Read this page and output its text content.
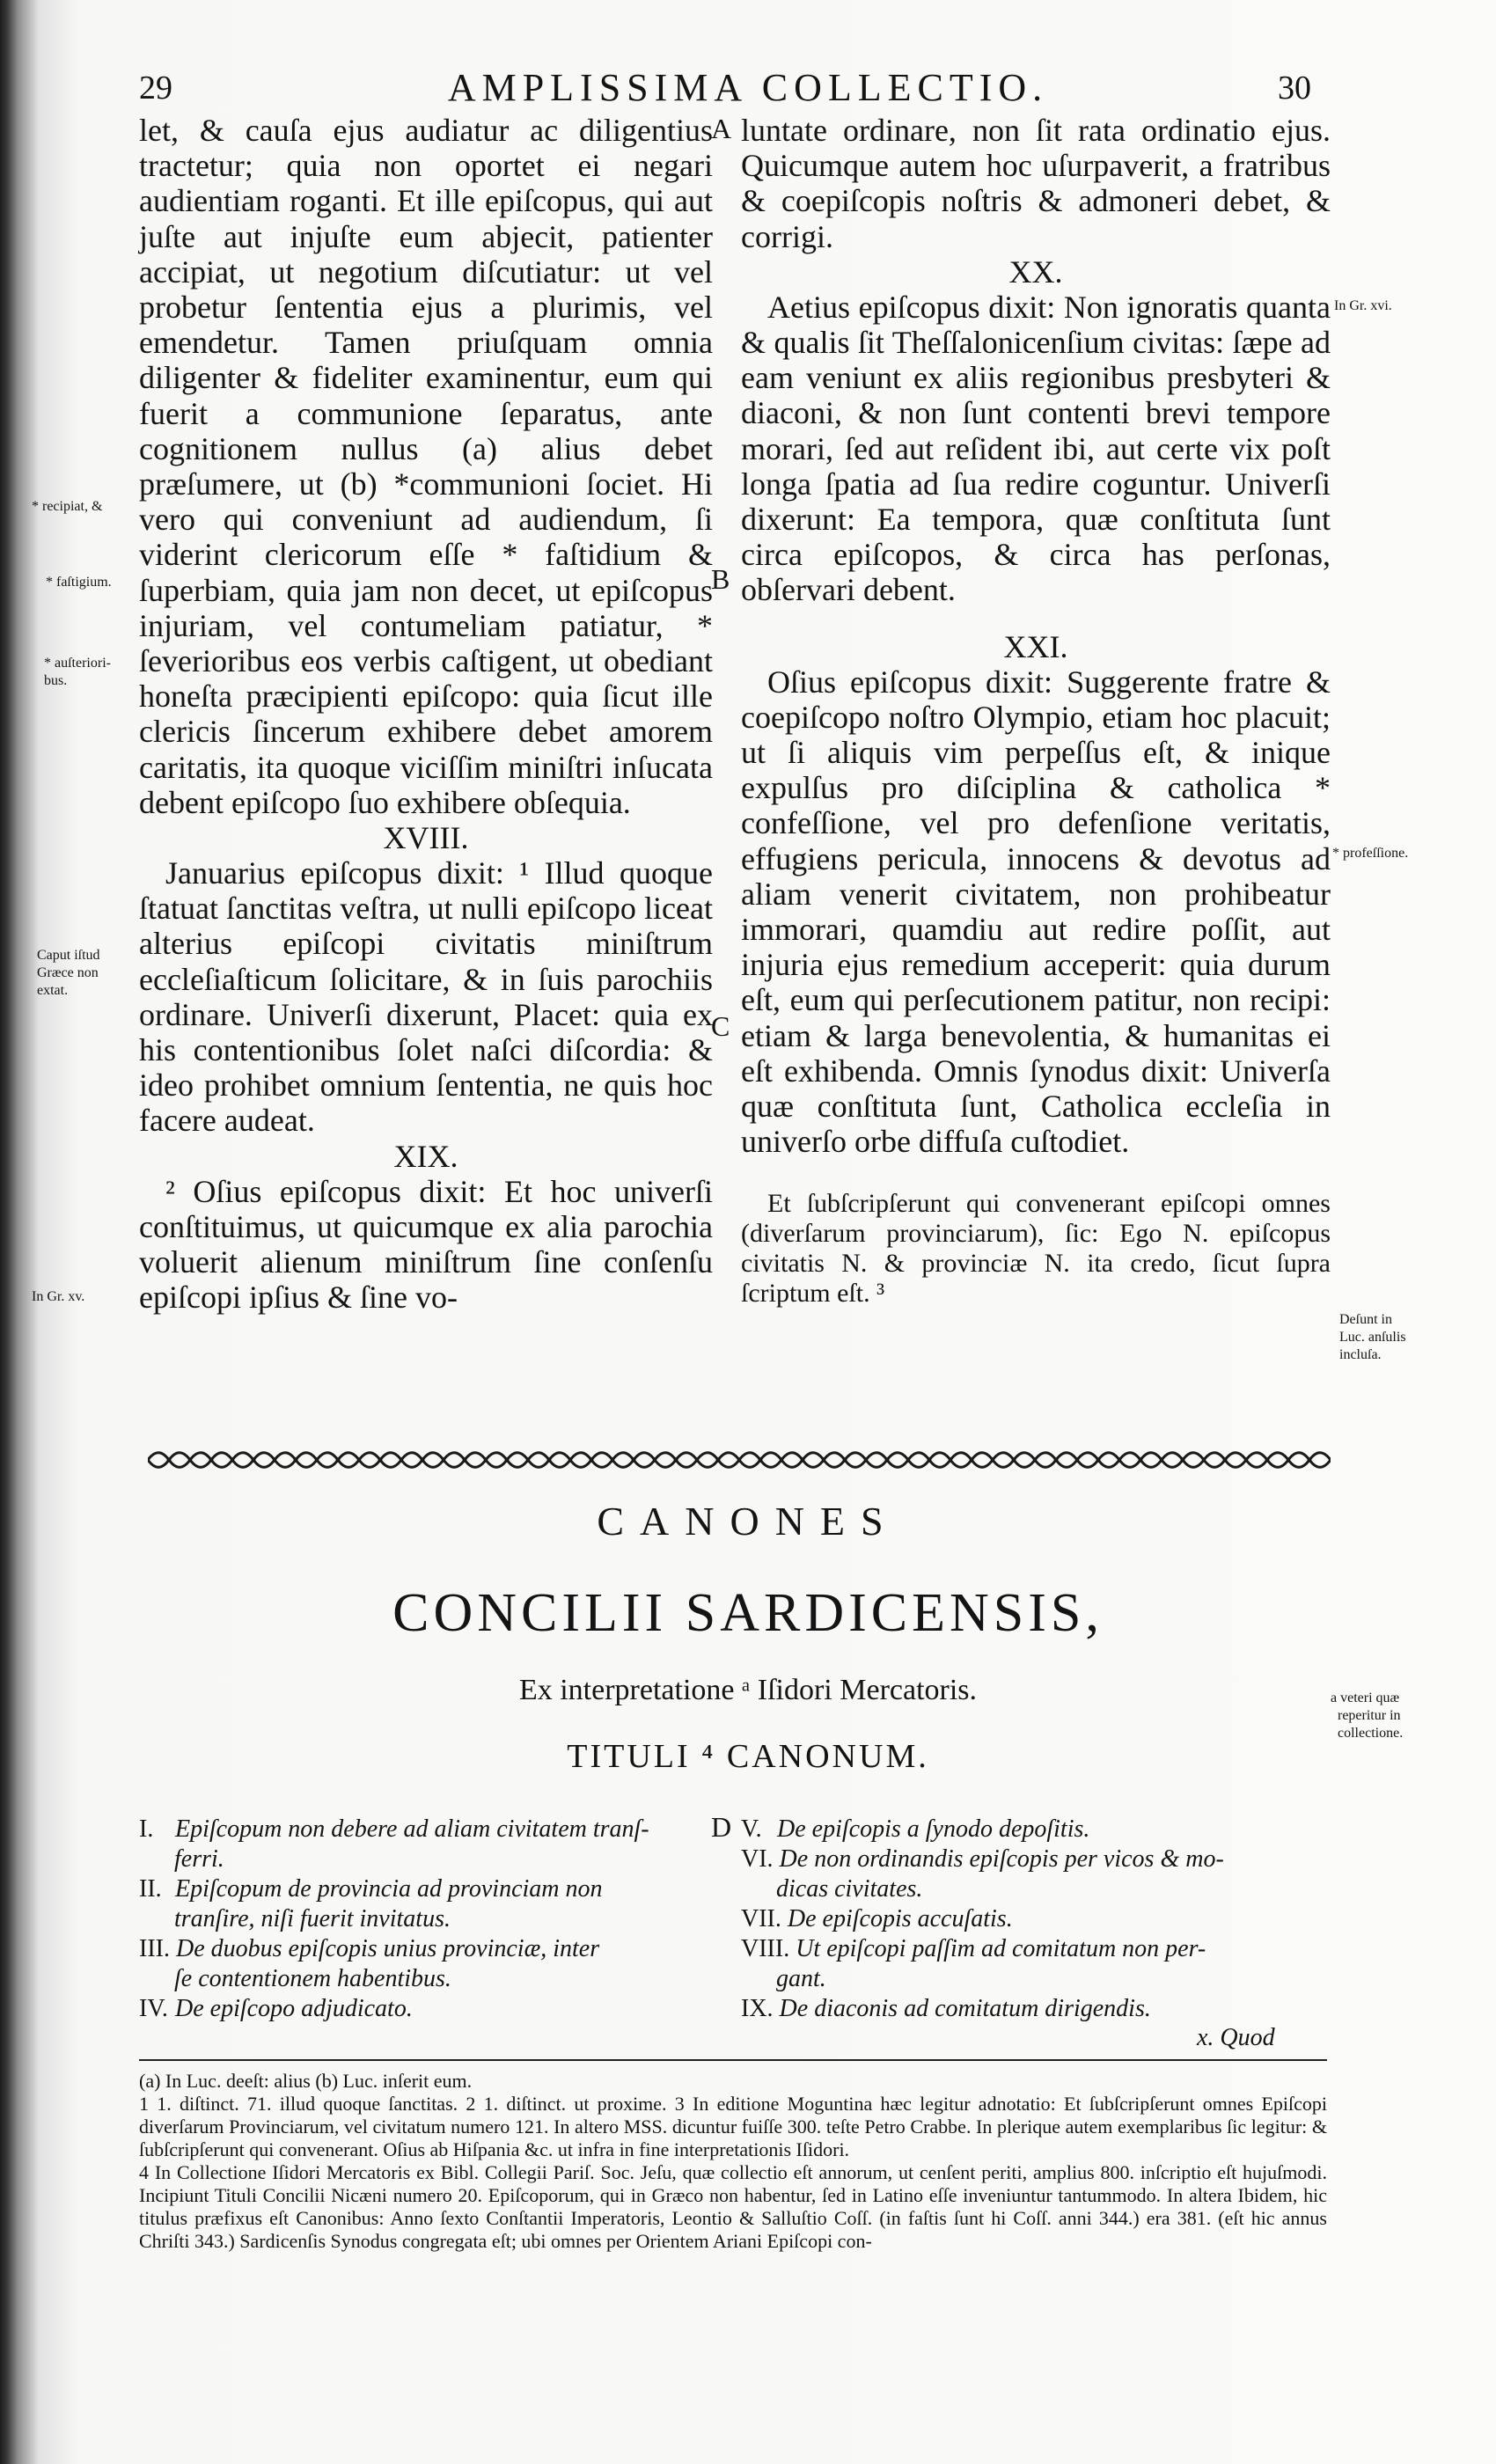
29	AMPLISSIMA COLLECTIO.	30

let, & cauſa ejus audiatur ac diligentius tractetur; quia non oportet ei negari audientiam roganti. Et ille epiſcopus, qui aut juſte aut injuſte eum abjecit, patienter accipiat, ut negotium diſcutiatur: ut vel probetur ſententia ejus a plurimis, vel emendetur. Tamen priuſquam omnia diligenter & fideliter examinentur, eum qui fuerit a communione ſeparatus, ante cognitionem nullus (a) alius debet præſumere, ut (b) *communioni ſociet. Hi vero qui conveniunt ad audiendum, ſi viderint clericorum eſſe * faſtidium & ſuperbiam, quia jam non decet, ut epiſcopus injuriam, vel contumeliam patiatur, * ſeverioribus eos verbis caſtigent, ut obediant honeſta præcipienti epiſcopo: quia ſicut ille clericis ſincerum exhibere debet amorem caritatis, ita quoque viciſſim miniſtri inſucata debent epiſcopo ſuo exhibere obſequia.

XVIII.

Januarius epiſcopus dixit: ¹ Illud quoque ſtatuat ſanctitas veſtra, ut nulli epiſcopo liceat alterius epiſcopi civitatis miniſtrum eccleſiaſticum ſolicitare, & in ſuis parochiis ordinare. Univerſi dixerunt, Placet: quia ex his contentionibus ſolet naſci diſcordia: & ideo prohibet omnium ſententia, ne quis hoc facere audeat.

XIX.

² Oſius epiſcopus dixit: Et hoc univerſi conſtituimus, ut quicumque ex alia parochia voluerit alienum miniſtrum ſine conſenſu epiſcopi ipſius & ſine vo-

luntate ordinare, non ſit rata ordinatio ejus. Quicumque autem hoc uſurpaverit, a fratribus & coepiſcopis noſtris & admoneri debet, & corrigi.

XX.

Aetius epiſcopus dixit: Non ignoratis quanta & qualis ſit Theſſalonicenſium civitas: ſæpe ad eam veniunt ex aliis regionibus presbyteri & diaconi, & non ſunt contenti brevi tempore morari, ſed aut reſident ibi, aut certe vix poſt longa ſpatia ad ſua redire coguntur. Univerſi dixerunt: Ea tempora, quæ conſtituta ſunt circa epiſcopos, & circa has perſonas, obſervari debent.

XXI.

Oſius epiſcopus dixit: Suggerente fratre & coepiſcopo noſtro Olympio, etiam hoc placuit; ut ſi aliquis vim perpeſſus eſt, & inique expulſus pro diſciplina & catholica * confeſſione, vel pro defenſione veritatis, effugiens pericula, innocens & devotus ad aliam venerit civitatem, non prohibeatur immorari, quamdiu aut redire poſſit, aut injuria ejus remedium acceperit: quia durum eſt, eum qui perſecutionem patitur, non recipi: etiam & larga benevolentia, & humanitas ei eſt exhibenda. Omnis ſynodus dixit: Univerſa quæ conſtituta ſunt, Catholica eccleſia in univerſo orbe diffuſa cuſtodiet.

Et ſubſcripſerunt qui convenerant epiſcopi omnes (diverſarum provinciarum), ſic: Ego N. epiſcopus civitatis N. & provinciæ N. ita credo, ſicut ſupra ſcriptum eſt. ³

A
B
C
D
* recipiat, &
* faſtigium.
* auſteriori-
bus.
Caput iſtud
Græce non
extat.
In Gr. xv.
In Gr. xvi.
* profeſſione.
Deſunt in
Luc. anſulis
incluſa.
a veteri quæ
reperitur in
collectione.
CANONES
CONCILII SARDICENSIS,
Ex interpretatione ᵃ Iſidori Mercatoris.
TITULI ⁴ CANONUM.
I. Epiſcopum non debere ad aliam civitatem tranſ-
ferri.
II. Epiſcopum de provincia ad provinciam non
tranſire, niſi fuerit invitatus.
III. De duobus epiſcopis unius provinciæ, inter
ſe contentionem habentibus.
IV. De epiſcopo adjudicato.
V. De epiſcopis a ſynodo depoſitis.
VI. De non ordinandis epiſcopis per vicos & mo-
dicas civitates.
VII. De epiſcopis accuſatis.
VIII. Ut epiſcopi paſſim ad comitatum non per-
gant.
IX. De diaconis ad comitatum dirigendis.
x. Quod

(a) In Luc. deeſt: alius (b) Luc. inſerit eum.

1 1. diſtinct. 71. illud quoque ſanctitas. 2 1. diſtinct. ut proxime. 3 In editione Moguntina hæc legitur adnotatio: Et ſubſcripſerunt omnes Epiſcopi diverſarum Provinciarum, vel civitatum numero 121. In altero MSS. dicuntur fuiſſe 300. teſte Petro Crabbe. In plerique autem exemplaribus ſic legitur: & ſubſcripſerunt qui convenerant. Oſius ab Hiſpania &c. ut infra in fine interpretationis Iſidori.

4 In Collectione Iſidori Mercatoris ex Bibl. Collegii Pariſ. Soc. Jeſu, quæ collectio eſt annorum, ut cenſent periti, amplius 800. inſcriptio eſt hujuſmodi. Incipiunt Tituli Concilii Nicæni numero 20. Epiſcoporum, qui in Græco non habentur, ſed in Latino eſſe inveniuntur tantummodo. In altera Ibidem, hic titulus præfixus eſt Canonibus: Anno ſexto Conſtantii Imperatoris, Leontio & Salluſtio Coſſ. (in faſtis ſunt hi Coſſ. anni 344.) era 381. (eſt hic annus Chriſti 343.) Sardicenſis Synodus congregata eſt; ubi omnes per Orientem Ariani Epiſcopi con-
